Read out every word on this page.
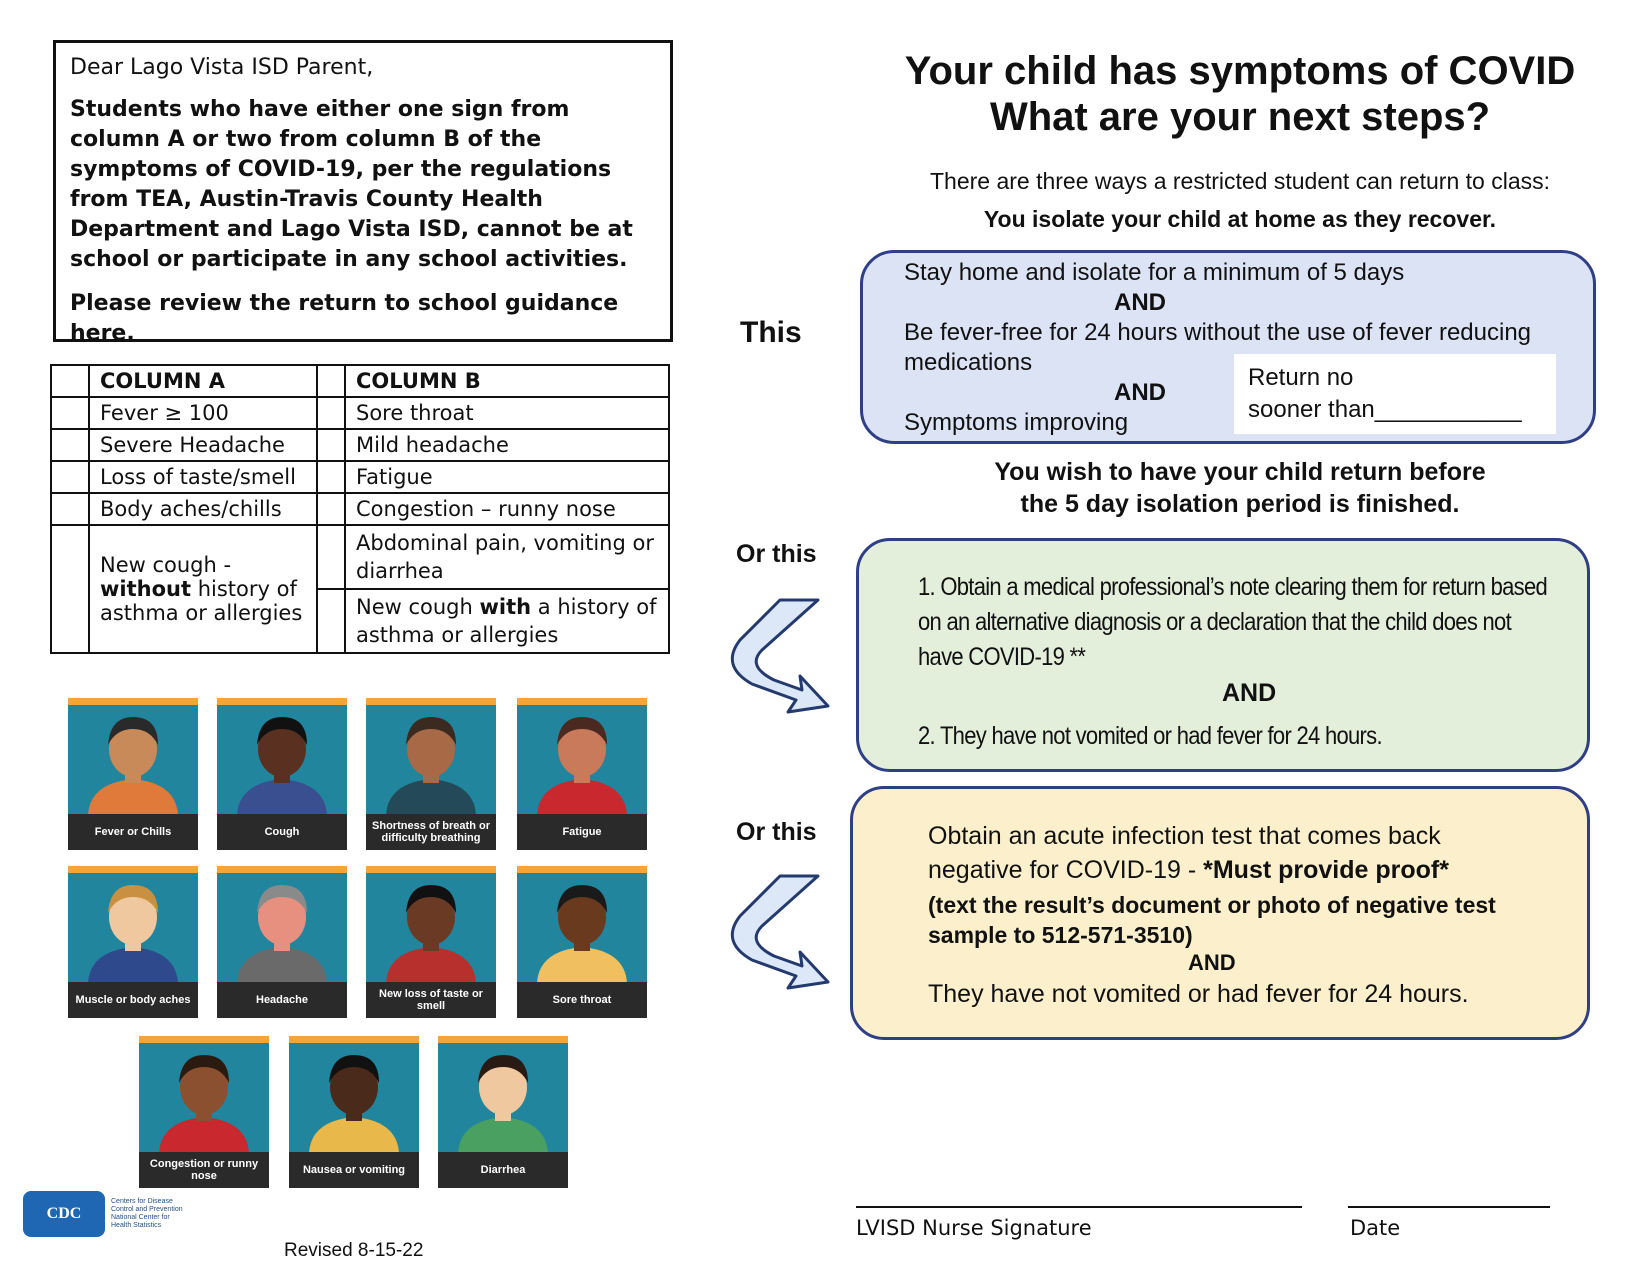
Dear Lago Vista ISD Parent,

Students who have either one sign from column A or two from column B of the symptoms of COVID-19, per the regulations from TEA, Austin-Travis County Health Department and Lago Vista ISD, cannot be at school or participate in any school activities.

Please review the return to school guidance here.

	COLUMN A		COLUMN B
	Fever ≥ 100		Sore throat
	Severe Headache		Mild headache
	Loss of taste/smell		Fatigue
	Body aches/chills		Congestion – runny nose
	New cough -
without history of asthma or allergies		Abdominal pain, vomiting or diarrhea
			New cough with a history of asthma or allergies
Fever or Chills	Cough	Shortness of breath or difficulty breathing	Fatigue
Muscle or body aches	Headache	New loss of taste or smell	Sore throat
Congestion or runny nose	Nausea or vomiting	Diarrhea
CDC
Centers for Disease Control and Prevention National Center for Health Statistics
Revised 8-15-22
Your child has symptoms of COVID
What are your next steps?
There are three ways a restricted student can return to class:
You isolate your child at home as they recover.
This
Stay home and isolate for a minimum of 5 days
AND
Be fever-free for 24 hours without the use of fever reducing medications
AND
Symptoms improving
Return no
sooner than___________
You wish to have your child return before
the 5 day isolation period is finished.
Or this
1. Obtain a medical professional’s note clearing them for return based on an alternative diagnosis or a declaration that the child does not have COVID-19 **
AND
2. They have not vomited or had fever for 24 hours.
Or this	Obtain an acute infection test that comes back
negative for COVID-19 - *Must provide proof*
(text the result’s document or photo of negative test sample to 512-571-3510)
AND
They have not vomited or had fever for 24 hours.
LVISD Nurse Signature	Date
